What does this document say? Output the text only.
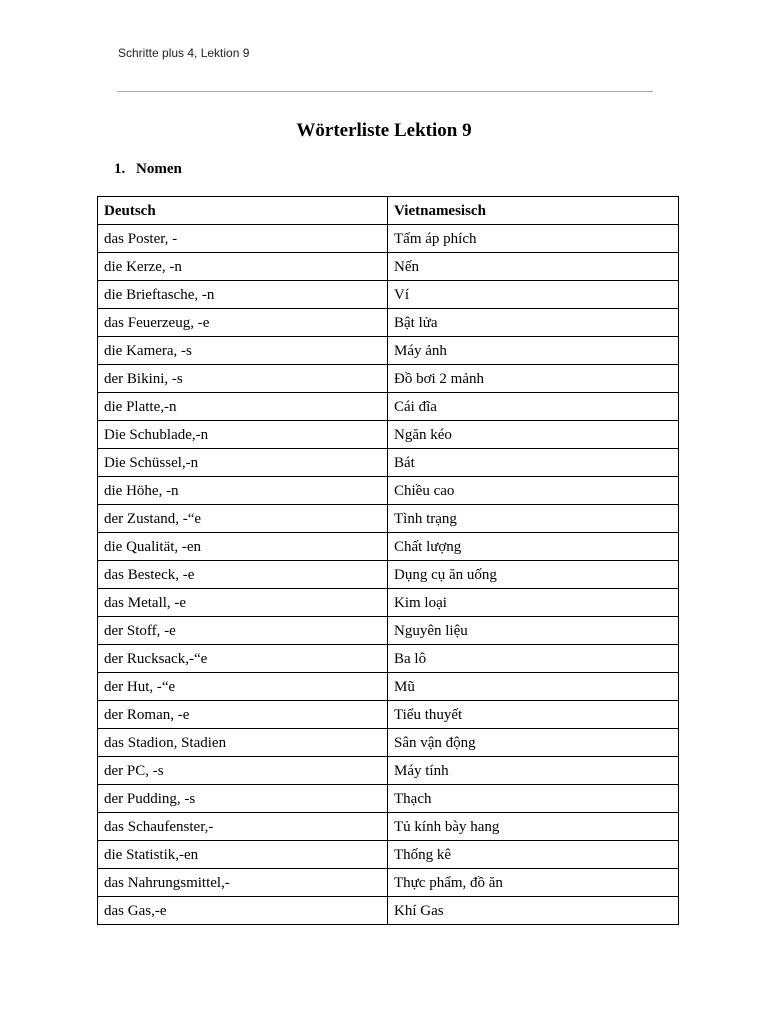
Schritte plus 4, Lektion 9
Wörterliste Lektion 9
1. Nomen
Deutsch	Vietnamesisch
das Poster, -	Tấm áp phích
die Kerze, -n	Nến
die Brieftasche, -n	Ví
das Feuerzeug, -e	Bật lửa
die Kamera, -s	Máy ảnh
der Bikini, -s	Đồ bơi 2 mảnh
die Platte,-n	Cái đĩa
Die Schublade,-n	Ngăn kéo
Die Schüssel,-n	Bát
die Höhe, -n	Chiều cao
der Zustand, -“e	Tình trạng
die Qualität, -en	Chất lượng
das Besteck, -e	Dụng cụ ăn uống
das Metall, -e	Kim loại
der Stoff, -e	Nguyên liệu
der Rucksack,-“e	Ba lô
der Hut, -“e	Mũ
der Roman, -e	Tiểu thuyết
das Stadion, Stadien	Sân vận động
der PC, -s	Máy tính
der Pudding, -s	Thạch
das Schaufenster,-	Tủ kính bày hang
die Statistik,-en	Thống kê
das Nahrungsmittel,-	Thực phẩm, đồ ăn
das Gas,-e	Khí Gas
